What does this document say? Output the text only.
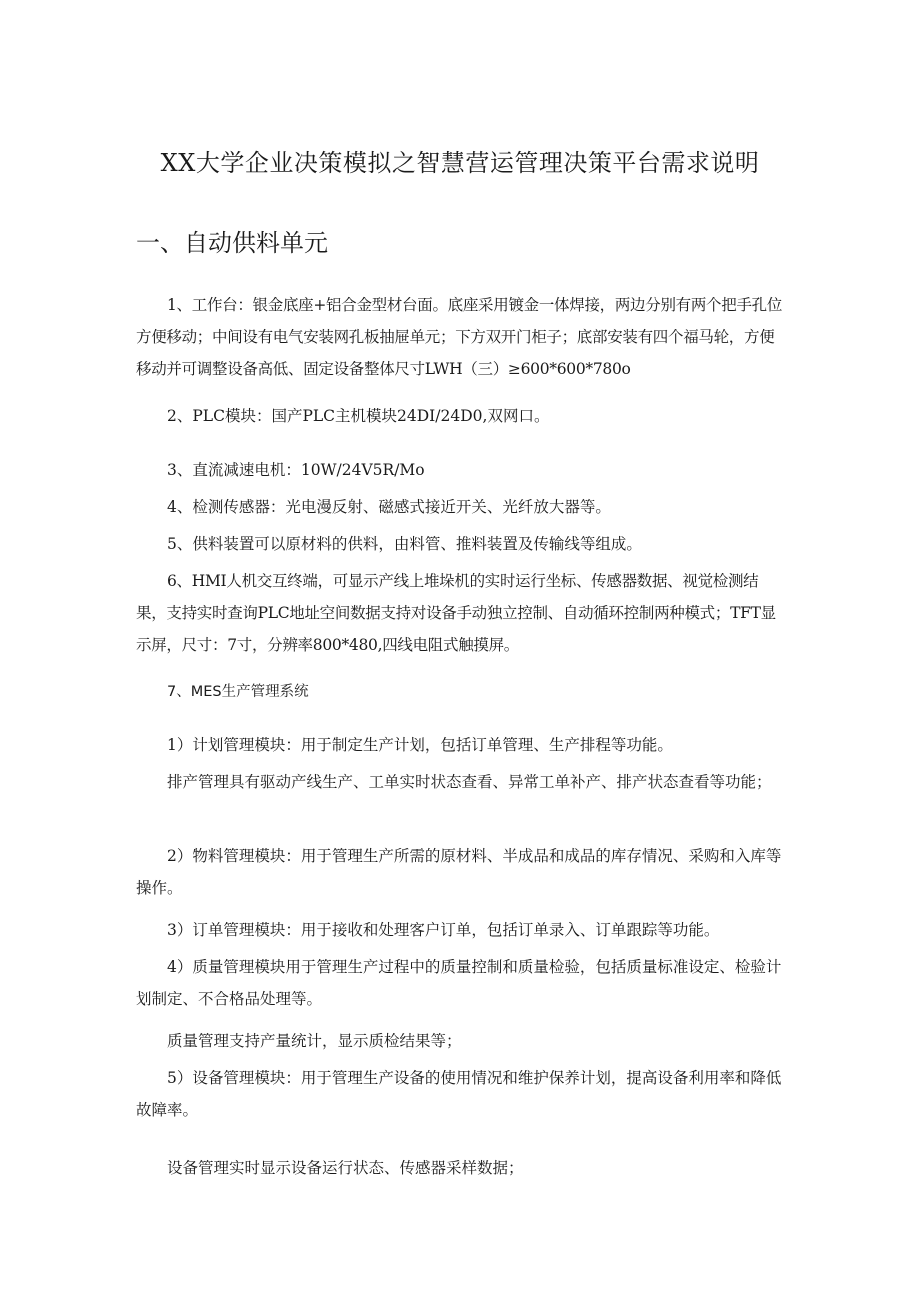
XX大学企业决策模拟之智慧营运管理决策平台需求说明
一、自动供料单元

1、工作台：银金底座+铝合金型材台面。底座采用镀金一体焊接，两边分别有两个把手孔位方便移动；中间设有电气安装网孔板抽屉单元；下方双开门柜子；底部安装有四个福马轮，方便移动并可调整设备高低、固定设备整体尺寸LWH（三）≥600*600*780o

2、PLC模块：国产PLC主机模块24DI/24D0,双网口。

3、直流减速电机：10W/24V5R/Mo

4、检测传感器：光电漫反射、磁感式接近开关、光纤放大器等。

5、供料装置可以原材料的供料，由料管、推料装置及传输线等组成。

6、HMI人机交互终端，可显示产线上堆垛机的实时运行坐标、传感器数据、视觉检测结果，支持实时查询PLC地址空间数据支持对设备手动独立控制、自动循环控制两种模式；TFT显示屏，尺寸：7寸，分辨率800*480,四线电阻式触摸屏。

7、MES生产管理系统

1）计划管理模块：用于制定生产计划，包括订单管理、生产排程等功能。

排产管理具有驱动产线生产、工单实时状态查看、异常工单补产、排产状态查看等功能；

2）物料管理模块：用于管理生产所需的原材料、半成品和成品的库存情况、采购和入库等操作。

3）订单管理模块：用于接收和处理客户订单，包括订单录入、订单跟踪等功能。

4）质量管理模块用于管理生产过程中的质量控制和质量检验，包括质量标准设定、检验计划制定、不合格品处理等。

质量管理支持产量统计，显示质检结果等；

5）设备管理模块：用于管理生产设备的使用情况和维护保养计划，提高设备利用率和降低故障率。

设备管理实时显示设备运行状态、传感器采样数据；
